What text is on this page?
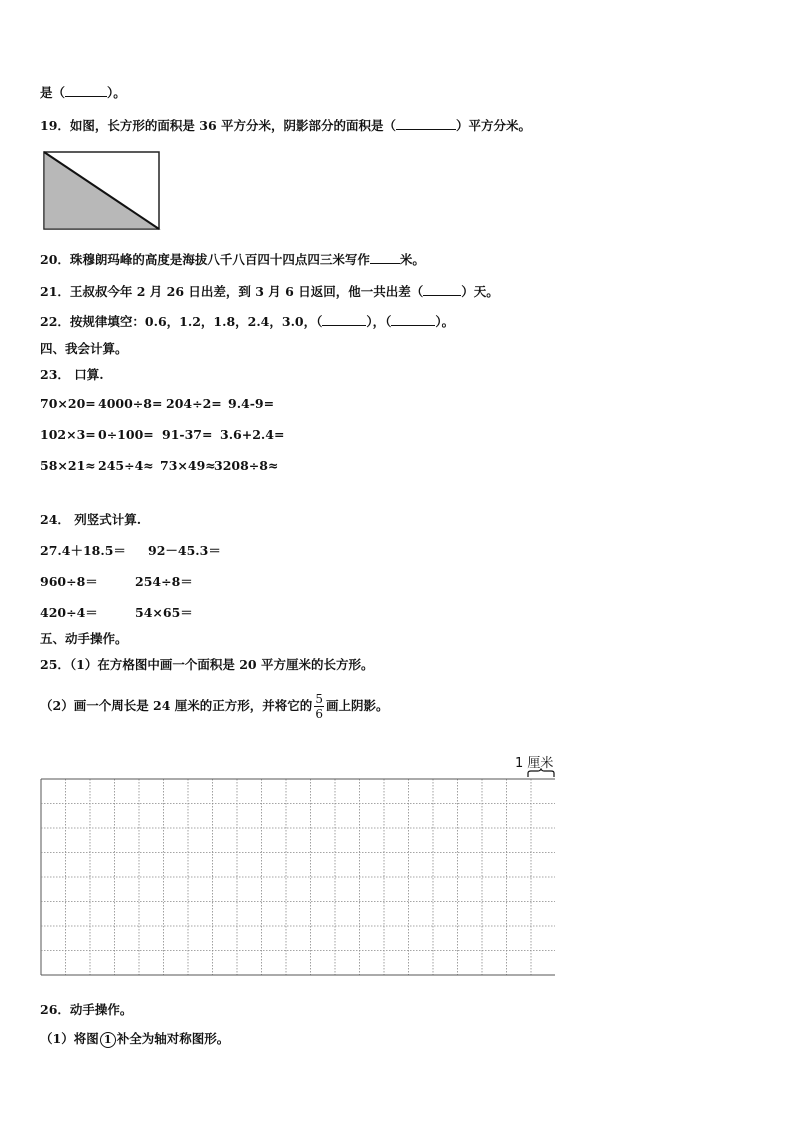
是（	）。
19．如图，长方形的面积是 36 平方分米，阴影部分的面积是（	）平方分米。
20．珠穆朗玛峰的高度是海拔八千八百四十四点四三米写作 米。
21．王叔叔今年 2 月 26 日出差，到 3 月 6 日返回，他一共出差（	）天。
22．按规律填空：0.6，1.2，1.8，2.4，3.0，（	），（	）。
四、我会计算。
23． 口算.
70×20= 4000÷8= 204÷2= 9.4-9=
102×3= 0÷100= 91-37= 3.6+2.4=
58×21≈ 245÷4≈ 73×49≈3208÷8≈
24． 列竖式计算.
27.4＋18.5＝ 92－45.3＝
960÷8＝	254÷8＝
420÷4＝	54×65＝
五、动手操作。
25．（1）在方格图中画一个面积是 20 平方厘米的长方形。
（2）画一个周长是 24 厘米的正方形，并将它的 $\frac{5}{6}$ 画上阴影。
1 厘米
26．动手操作。
（1）将图 1 补全为轴对称图形。
